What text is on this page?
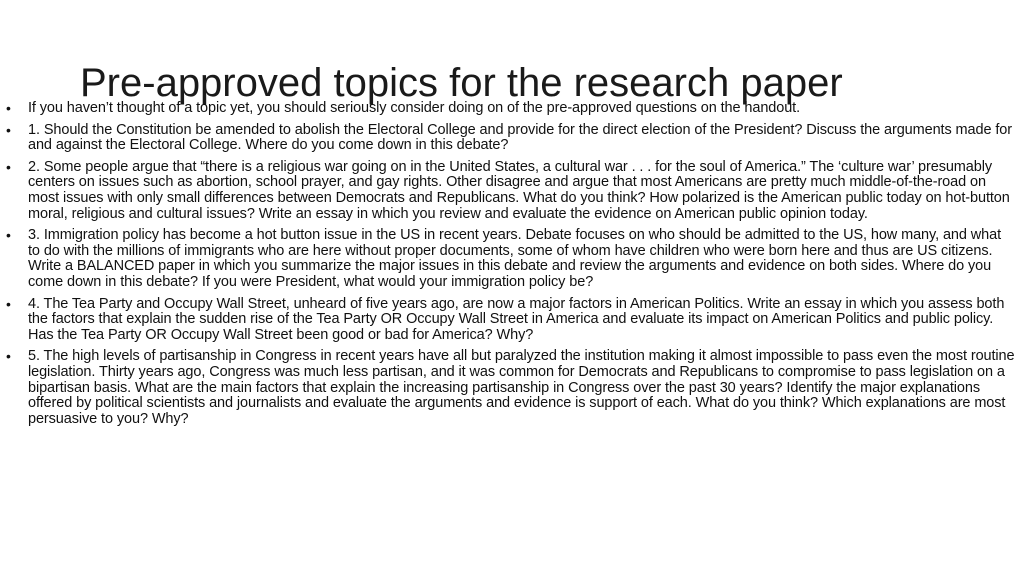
Pre-approved topics for the research paper
• If you haven’t thought of a topic yet, you should seriously consider doing on of the pre-approved questions on the handout.
• 1. Should the Constitution be amended to abolish the Electoral College and provide for the direct election of the President? Discuss the arguments made for and against the Electoral College. Where do you come down in this debate?
• 2. Some people argue that “there is a religious war going on in the United States, a cultural war . . . for the soul of America.” The ‘culture war’ presumably centers on issues such as abortion, school prayer, and gay rights. Other disagree and argue that most Americans are pretty much middle-of-the-road on most issues with only small differences between Democrats and Republicans. What do you think? How polarized is the American public today on hot-button moral, religious and cultural issues? Write an essay in which you review and evaluate the evidence on American public opinion today.
• 3. Immigration policy has become a hot button issue in the US in recent years. Debate focuses on who should be admitted to the US, how many, and what to do with the millions of immigrants who are here without proper documents, some of whom have children who were born here and thus are US citizens. Write a BALANCED paper in which you summarize the major issues in this debate and review the arguments and evidence on both sides. Where do you come down in this debate? If you were President, what would your immigration policy be?
• 4. The Tea Party and Occupy Wall Street, unheard of five years ago, are now a major factors in American Politics. Write an essay in which you assess both the factors that explain the sudden rise of the Tea Party OR Occupy Wall Street in America and evaluate its impact on American Politics and public policy. Has the Tea Party OR Occupy Wall Street been good or bad for America? Why?
• 5. The high levels of partisanship in Congress in recent years have all but paralyzed the institution making it almost impossible to pass even the most routine legislation. Thirty years ago, Congress was much less partisan, and it was common for Democrats and Republicans to compromise to pass legislation on a bipartisan basis. What are the main factors that explain the increasing partisanship in Congress over the past 30 years? Identify the major explanations offered by political scientists and journalists and evaluate the arguments and evidence is support of each. What do you think? Which explanations are most persuasive to you? Why?
